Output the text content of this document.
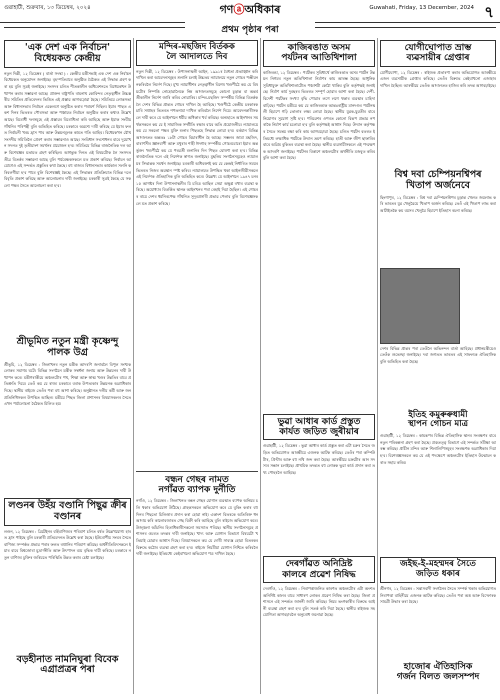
গুৱাহাটী, শুক্ৰবাৰ, ১৩ ডিচেম্বৰ, ২০২৪	গণⓐঅধিকাৰ	Guwahati, Friday, 13 December, 2024 ৭
প্ৰথম পৃষ্ঠাৰ পৰা
'এক দেশ এক নিৰ্বাচন'
বিধেয়কত কেন্দ্ৰীয়
নতুন দিল্লী, ১২ ডিচেম্বৰ ( বাৰ্তা সংস্থা ) : কেন্দ্ৰীয় মন্ত্ৰীসভাই এক দেশ এক নিৰ্বাচন বিধেয়কত অনুমোদন জনাইছে। বৃহস্পতিবাৰে অনুষ্ঠিত বৈঠকত এই সিদ্ধান্ত গ্ৰহণ কৰা হয় বুলি সূত্ৰই জনাইছে। সংসদৰ চলিত শীতকালীন অধিবেশনতে বিধেয়কখন উত্থাপন কৰাৰ সম্ভাৱনা আছে। প্ৰাক্তন ৰাষ্ট্ৰপতি ৰামনাথ কোবিন্দৰ নেতৃত্বাধীন উচ্চস্তৰীয় সমিতিৰ প্ৰতিবেদনৰ ভিত্তিত এই প্ৰস্তাৱ আগবঢ়োৱা হৈছে। সমিতিয়ে লোকসভা আৰু বিধানসভাৰ নিৰ্বাচন একেলগে অনুষ্ঠিত কৰাৰ পৰামৰ্শ দিছিল। ইয়াৰ পাছত একশ দিনৰ ভিতৰত পৌৰসভা আৰু পঞ্চায়ত নিৰ্বাচন অনুষ্ঠিত কৰাৰ কথাও উল্লেখ আছে। বিৰোধী দলসমূহে এই প্ৰস্তাৱৰ বিৰোধিতা কৰি আহিছে আৰু ইয়াক সংঘীয় গাঁথনিৰ পৰিপন্থী বুলি অভিহিত কৰিছে। চৰকাৰে অৱশ্যে দাবী কৰিছে যে ইয়াৰ ফলত নিৰ্বাচনী খৰচ হ্ৰাস পাব আৰু উন্নয়নমূলক কামত গতি আহিব। বিধেয়কখন যৌথ সংসদীয় সমিতিলৈ প্ৰেৰণ কৰাৰ সম্ভাৱনাও আছে। সংবিধান সংশোধনৰ বাবে দুয়োখন সদনত দুই তৃতীয়াংশ সমৰ্থনৰ প্ৰয়োজন হ'ব। সমিতিয়ে বিভিন্ন ৰাজনৈতিক দল আৰু বিশেষজ্ঞৰ মতামত গ্ৰহণ কৰিছিল। আগন্তুক দিনত এই বিষয়টোক লৈ সংসদত তীব্ৰ বিতৰ্কৰ সম্ভাৱনা আছে বুলি পৰ্যবেক্ষকসকলে মত প্ৰকাশ কৰিছে। নিৰ্বাচন আয়োগেও এই সন্দৰ্ভত প্ৰস্তুতিৰ কথা কৈছে। বহু ৰাজ্যৰ বিধানসভাৰ কাৰ্যকাল সলনি কৰিবলগীয়া হ'ব পাৰে বুলি বিশেষজ্ঞই কৈছে। এই সিদ্ধান্তৰ প্ৰতিক্ৰিয়াত বিভিন্ন দলে বিবৃতি প্ৰকাশ কৰিছে আৰু আলোচনাৰ দাবী জনাইছে। চৰকাৰী সূত্ৰই কৈছে যে সকলো পক্ষৰ সৈতে আলোচনা কৰা হ'ব।
শ্ৰীভূমিত নতুন মন্ত্ৰী কৃষ্ণেন্দু পালক উগ্ৰ
শ্ৰীভূমি, ১২ ডিচেম্বৰ : জিলাখনৰ নতুন মন্ত্ৰীক আদৰণি জনাবলৈ বিপুল সংখ্যক লোকৰ সমাগম ঘটে। বিভিন্ন সংগঠনে মন্ত্ৰীক সম্বৰ্ধনা জনায় আৰু উন্নয়নৰ দাবী উত্থাপন কৰে। মন্ত্ৰীগৰাকীয়ে অঞ্চলটোৰ পথ, শিক্ষা আৰু স্বাস্থ্য খণ্ডৰ উন্নতিৰ বাবে প্ৰতিশ্ৰুতি দিয়ে। তেওঁ কয় যে ৰাজ্য চৰকাৰে বৰাক উপত্যকাৰ উন্নয়নক অগ্ৰাধিকাৰ দিছে। স্থানীয় ৰাইজে তেওঁৰ পৰা বহু আশা কৰিছে। অনুষ্ঠানত দলীয় কৰ্মী আৰু জনপ্ৰতিনিধিসকল উপস্থিত আছিল। মন্ত্ৰীয়ে পিছত জিলা প্ৰশাসনৰ বিষয়াসকলৰ সৈতে এখন পৰ্যালোচনা বৈঠকত মিলিত হয়।
লণ্ডনৰ উহঁয় বণ্ডানি পিছুৱ ক্ৰীৰ বণ্ডানৰ
লণ্ডন, ১২ ডিচেম্বৰ : ব্ৰিটেইনৰ বৰ্হিবাণিজ্যৰ পৰিমাণ চলিত বৰ্ষত উল্লেখযোগ্য হাৰত হ্ৰাস পাইছে বুলি চৰকাৰী প্ৰতিবেদনত উল্লেখ কৰা হৈছে। ইউৰোপীয় সংঘৰ সৈতে বাণিজ্য সম্পৰ্কত প্ৰভাৱ পৰাৰ ফলত ৰপ্তানিৰ পৰিমাণ কমিছে। অৰ্থনীতিবিদসকলে ইয়াৰ বাবে বিশ্বজোৰা মুদ্ৰাস্ফীতি আৰু উৎপাদন ব্যয় বৃদ্ধিক দায়ী কৰিছে। চৰকাৰে নতুন বাণিজ্য চুক্তিৰ জৰিয়তে পৰিস্থিতি উন্নত কৰাৰ চেষ্টা চলাইছে।
বড়হীনাত নামনিঘুৰা বিবেক এগ্ৰাপ্ৰত্ৰৰ পৰা
মন্দিৰ-মছজিদ বিৰ্তকক
লৈ আদালতে দিব
নতুন দিল্লী, ১২ ডিচেম্বৰ : উপাসনাস্থলী আইন, ১৯৯১ৰ বৈধতা প্ৰত্যাহ্বান কৰি দাখিল কৰা আবেদনসমূহৰ শুনানি চলাই উচ্চতম ন্যায়ালয়ে নতুন গোচৰ পঞ্জীয়ন নকৰিবলৈ নিৰ্দেশ দিছে। মুখ্য ন্যায়াধীশৰ নেতৃত্বাধীন বিশেষ খণ্ডপীঠে কয় যে বিষয়টোৰ নিষ্পত্তি নোহোৱালৈকে নিম্ন আদালতসমূহে কোনো চূড়ান্ত বা অন্তৰ্বৰ্তীকালীন নিৰ্দেশ জাৰি কৰিব নোৱাৰিব। মন্দিৰ-মছজিদ সম্পৰ্কীয় বিভিন্ন বিতৰ্কক লৈ দেশৰ বিভিন্ন প্ৰান্তত গোচৰ দাখিল হৈ আহিছে। খণ্ডপীঠে কেন্দ্ৰীয় চৰকাৰক চাৰি সপ্তাহৰ ভিতৰত শপতনামা দাখিল কৰিবলৈ নিৰ্দেশ দিয়ে। আবেদনকাৰীসকলে দাবী কৰে যে আইনখনে ধৰ্মীয় অধিকাৰ খৰ্ব কৰিছে। অন্যহাতে আইনখনৰ সমৰ্থকসকলে কয় যে ই সামাজিক সম্প্ৰীতি ৰক্ষাৰ বাবে অতি প্ৰয়োজনীয়। ন্যায়ালয়ে কয় যে সকলো পক্ষৰ যুক্তি শুনাৰ পিছতহে সিদ্ধান্ত লোৱা হ'ব। বৰ্তমান বিভিন্ন আদালতত অন্ততঃ ১৮টা গোচৰ বিচাৰাধীন হৈ আছে। সম্ভলৰ জামা মছজিদ, বাৰাণসীৰ জ্ঞানবাপী আৰু মথুৰাৰ শাহী ঈদগাহ সম্পৰ্কীয় গোচৰবোৰো ইয়াৰ অন্তৰ্ভুক্ত। খণ্ডপীঠে কয় যে পৰৱৰ্তী শুনানিৰ দিন পিছত ঘোষণা কৰা হ'ব। বিভিন্ন ৰাজনৈতিক দলে এই নিৰ্দেশক স্বাগত জনাইছে। মুছলিম সংগঠনসমূহেও ন্যায়ালয়ৰ সিদ্ধান্তক সমৰ্থন জনাইছে। চৰকাৰী অধিবক্তাই কয় যে কেন্দ্ৰই নিৰ্ধাৰিত সময়ৰ ভিতৰত নিজৰ অৱস্থান স্পষ্ট কৰিব। ন্যায়ালয়ত উপস্থিত থকা আইনজীৱীসকলে এই নিৰ্দেশক ঐতিহাসিক বুলি অভিহিত কৰে। উল্লেখ্য যে আইনখনে ১৯৪৭ চনৰ ১৫ আগষ্টৰ দিনা উপাসনাস্থলীৰ যি চৰিত্ৰ আছিল সেয়া অক্ষুণ্ণ ৰখাৰ ব্যৱস্থা কৰিছে। অযোধ্যাৰ বিতৰ্কিত স্থানক আইনখনৰ পৰা ৰেহাই দিয়া হৈছিল। এই গোচৰৰ ৰায়ে দেশৰ ধৰ্মনিৰপেক্ষ গাঁথনিত সুদূৰপ্ৰসাৰী প্ৰভাৱ পেলাব বুলি বিশেষজ্ঞসকলে মত প্ৰকাশ কৰিছে।
বন্ধন গেছৰ নামত
নগাঁৱত ব্যাপক দুৰ্নীতি
নগাঁও, ১২ ডিচেম্বৰ : জিলাখনত ৰন্ধন গেছৰ যোগান ব্যৱস্থাত ব্যাপক অনিয়ম চলি থকাৰ অভিযোগ উঠিছে। গ্ৰাহকসকলে অভিযোগ কৰে যে বুকিং কৰাৰ বহু দিনৰ পিছতো চিলিণ্ডাৰ প্ৰদান কৰা হোৱা নাই। একাংশ বিতৰকে অতিৰিক্ত ধন আদায় কৰি কালোবজাৰত গেছ বিক্ৰী কৰি আহিছে বুলি ৰাইজে অভিযোগ কৰে। উজ্জ্বলা আঁচনিৰ হিতাধিকাৰীসকলো সমস্যাত পৰিছে। স্থানীয় সংগঠনসমূহে প্ৰশাসনৰ ওচৰত তদন্তৰ দাবী জনাইছে। খাদ্য আৰু যোগান বিভাগে বিষয়টো খতিয়াই চোৱাৰ আশ্বাস দিছে। বিষয়াসকলে কয় যে দোষী সাব্যস্ত হোৱা বিতৰকৰ বিৰুদ্ধে কঠোৰ ব্যৱস্থা গ্ৰহণ কৰা হ'ব। ৰাইজে নিয়মীয়া যোগান নিশ্চিত কৰিবলৈ দাবী জনাইছে। ইতিমধ্যে কেইবাখনো অভিযোগ পত্ৰ দাখিল হৈছে।
কাজিৰঙাত অসম
পৰ্যটনৰ আতিথিশালা
কাজিৰঙা, ১২ ডিচেম্বৰ : পৰ্যটকৰ সুবিধাৰ্থে কাজিৰঙাত অসম পৰ্যটন উন্নয়ন নিগমৰ নতুন অতিথিশালা নিৰ্মাণৰ কাম আৰম্ভ হৈছে। আধুনিক সুবিধাযুক্ত অতিথিশালাটোত পঞ্চাশটা কোঠা থাকিব বুলি কৰ্তৃপক্ষই জনাইছে। নিৰ্মাণ কাৰ্য দুবছৰৰ ভিতৰত সম্পূৰ্ণ হোৱাৰ আশা কৰা হৈছে। দেশী-বিদেশী পৰ্যটকৰ সংখ্যা বৃদ্ধি পোৱাৰ লগে লগে থকাৰ ব্যৱস্থাৰ চাহিদা বাঢ়িছে। পৰ্যটন মন্ত্ৰীয়ে কয় যে কাজিৰঙাক আন্তঃৰাষ্ট্ৰীয় মানদণ্ডৰ পৰ্যটনস্থলী হিচাপে গঢ়ি তোলাৰ লক্ষ্য লোৱা হৈছে। স্থানীয় যুৱক-যুৱতীৰ বাবে নিয়োগৰ সুযোগ সৃষ্টি হ'ব। পৰিৱেশৰ ওপৰত কোনো বিৰূপ প্ৰভাৱ নপৰাকৈ নিৰ্মাণ কাৰ্য চলোৱা হ'ব বুলি কৰ্তৃপক্ষই আশ্বাস দিছে। উদ্যান কৰ্তৃপক্ষৰ সৈতে সমন্বয় ৰক্ষা কৰি কাম আগবঢ়োৱা হৈছে। চলিত পৰ্যটন বতৰত ইতিমধ্যে লক্ষাধিক পৰ্যটকে উদ্যান ভ্ৰমণ কৰিছে। হাতী আৰু জীপ ছাফাৰিৰ বাবে অগ্ৰিম বুকিঙৰ ব্যৱস্থা কৰা হৈছে। স্থানীয় ব্যৱসায়ীসকলে এই পদক্ষেপক আদৰণি জনাইছে। পৰ্যটনৰ বিকাশে অঞ্চলটোৰ অৰ্থনীতি মজবুত কৰিব বুলি আশা কৰা হৈছে।
ভুৱা আধাৰ কাৰ্ড প্ৰস্তুত
কাৰ্যত জড়িত জুৰীয়াৰ
গুৱাহাটী, ১২ ডিচেম্বৰ : ভুৱা আধাৰ কাৰ্ড প্ৰস্তুত কৰা এটা চক্ৰৰ সৈতে জড়িত অভিযোগত আৰক্ষীয়ে এজনক আটক কৰিছে। তেওঁৰ পৰা কম্পিউটাৰ, প্ৰিণ্টাৰ আৰু বহু নথি জব্দ কৰা হৈছে। আৰক্ষীয়ে চক্ৰটোৰ আন সদস্যৰ সন্ধান চলাইছে। প্ৰাথমিক তদন্তত বহু লোকক ভুৱা কাৰ্ড প্ৰদান কৰা তথ্য পোহৰলৈ আহিছে।
দেৰগাঁৱত অনিদ্ৰিষ্ট
কালৰে প্ৰৱেশ নিষিদ্ধ
দেৰগাঁও, ১২ ডিচেম্বৰ : নিৰাপত্তাজনিত কাৰণত অঞ্চলটোৰ এটা অংশত অনিৰ্দিষ্ট কালৰ বাবে সাধাৰণ লোকৰ প্ৰৱেশ নিষিদ্ধ কৰা হৈছে। জিলা প্ৰশাসনে এই সন্দৰ্ভত জাননী জাৰি কৰিছে। নিয়ম ভংগকাৰীৰ বিৰুদ্ধে আইনী ব্যৱস্থা গ্ৰহণ কৰা হ'ব বুলি সতৰ্ক কৰি দিয়া হৈছে। স্থানীয় ৰাইজক সহযোগিতা আগবঢ়াবলৈ অনুৰোধ জনোৱা হৈছে।
যোগীঘোপাত ভ্ৰাম্ভ
ব্যৱসায়ীৰ গ্ৰেপ্তাৰ
যোগীঘোপা, ১২ ডিচেম্বৰ : ৰাইজক প্ৰতাৰণা কৰাৰ অভিযোগত আৰক্ষীয়ে এজন ব্যৱসায়ীক গ্ৰেপ্তাৰ কৰিছে। তেওঁৰ বিৰুদ্ধে কেইবাখনো এজাহাৰ দাখিল হৈছিল। আৰক্ষীয়ে তেওঁক আদালতত হাজিৰ কৰি তদন্ত আগবঢ়াইছে।
বিশ্ব দবা চেম্পিয়নশ্বিপৰ
খিতাপ অৰ্জনেবে
ছিংগাপুৰ, ১২ ডিচেম্বৰ : বিশ্ব দবা চেম্পিয়নশ্বিপৰ চূড়ান্ত খেলত জয়লাভ কৰি ভাৰতৰ যুৱ খেলুৱৈয়ে খিতাপ অৰ্জন কৰিছে। তেওঁ এই খিতাপ লাভ কৰা আটাইতকৈ কম বয়সৰ খেলুৱৈ হিচাপে ইতিহাস ৰচনা কৰিছে।
দেশৰ বিভিন্ন প্ৰান্তৰ পৰা তেওঁলৈ অভিনন্দন বাৰ্তা আহিছে। প্ৰধানমন্ত্ৰীয়েও তেওঁক শুভেচ্ছা জনাইছে। দবা জগতত ভাৰতৰ এই সাফল্যক ঐতিহাসিক বুলি অভিহিত কৰা হৈছে।
ইতিহ কমুৰুৰুধামী
স্থাপন গোচন মাত্ৰ
গুৱাহাটী, ১২ ডিচেম্বৰ : কামৰূপৰ বিভিন্ন ঐতিহাসিক স্থানৰ সংৰক্ষণৰ বাবে নতুন পৰিকল্পনা গ্ৰহণ কৰা হৈছে। প্ৰত্নতত্ত্ব বিভাগে এই সন্দৰ্ভত সমীক্ষা আৰম্ভ কৰিছে। প্ৰাচীন মন্দিৰ আৰু শিলালিপিসমূহৰ সংৰক্ষণক অগ্ৰাধিকাৰ দিয়া হ'ব। বিশেষজ্ঞসকলে কয় যে এই পদক্ষেপে অঞ্চলটোৰ ইতিহাস উন্মোচন কৰাত সহায় কৰিব।
জইছ-ই-মহম্মদৰ সৈতে
জড়িত ধকাৰ
শ্ৰীনগৰ, ১২ ডিচেম্বৰ : সন্ত্ৰাসবাদী সংগঠনৰ সৈতে সম্পৰ্ক থকাৰ অভিযোগত নিৰাপত্তা বাহিনীয়ে এজনক আটক কৰিছে। তেওঁৰ পৰা অস্ত্ৰ আৰু বিস্ফোৰক সামগ্ৰী উদ্ধাৰ কৰা হৈছে।
হাজোৰ ঐতিহাসিক
গৰ্জন বিলত জলসম্পদ
